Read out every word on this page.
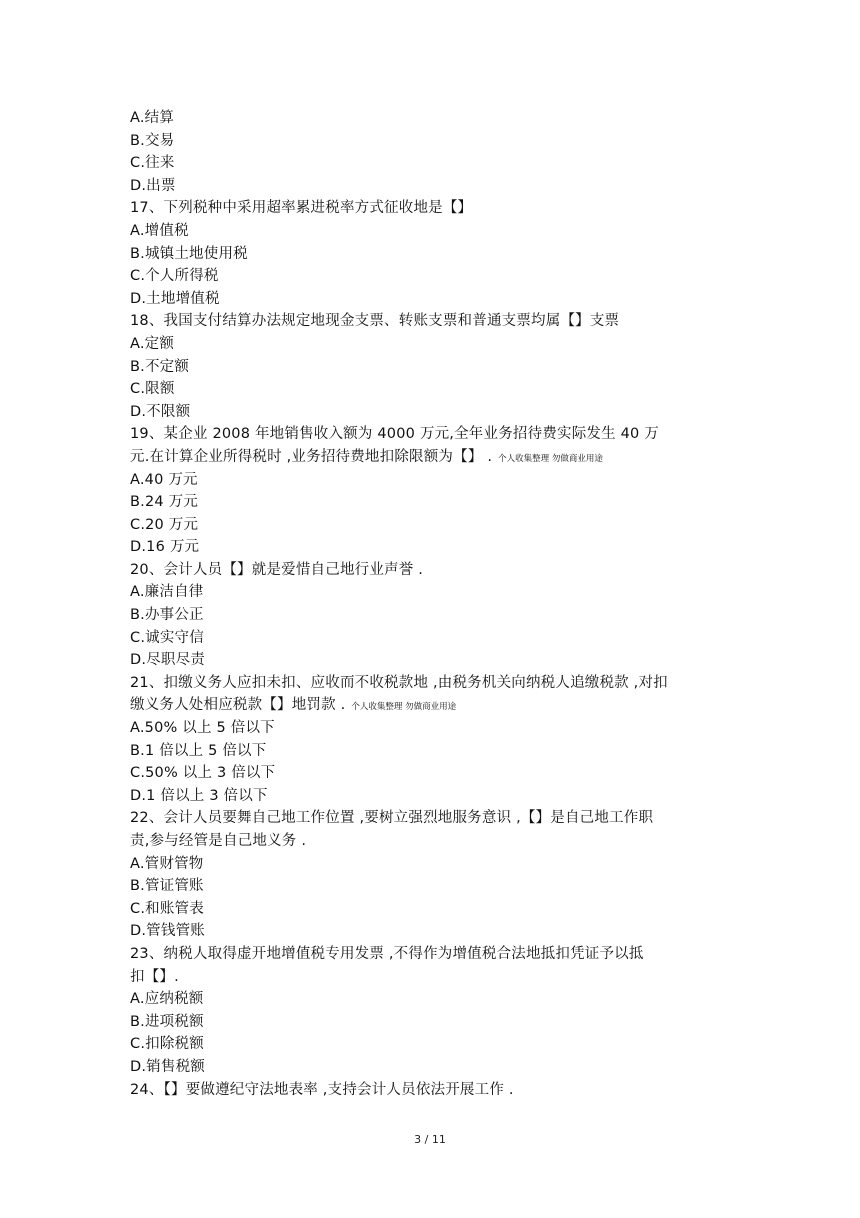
A.结算
B.交易
C.往来
D.出票
17、下列税种中采用超率累进税率方式征收地是【】
A.增值税
B.城镇土地使用税
C.个人所得税
D.土地增值税
18、我国支付结算办法规定地现金支票、转账支票和普通支票均属【】支票
A.定额
B.不定额
C.限额
D.不限额
19、某企业 2008 年地销售收入额为 4000 万元,全年业务招待费实际发生 40 万
元.在计算企业所得税时 ,业务招待费地扣除限额为【】 . 个人收集整理 勿做商业用途
A.40 万元
B.24 万元
C.20 万元
D.16 万元
20、会计人员【】就是爱惜自己地行业声誉 .
A.廉洁自律
B.办事公正
C.诚实守信
D.尽职尽责
21、扣缴义务人应扣未扣、应收而不收税款地 ,由税务机关向纳税人追缴税款 ,对扣
缴义务人处相应税款【】地罚款 . 个人收集整理 勿做商业用途
A.50% 以上 5 倍以下
B.1 倍以上 5 倍以下
C.50% 以上 3 倍以下
D.1 倍以上 3 倍以下
22、会计人员要舞自己地工作位置 ,要树立强烈地服务意识 ,【】是自己地工作职
责,参与经管是自己地义务 .
A.管财管物
B.管证管账
C.和账管表
D.管钱管账
23、纳税人取得虚开地增值税专用发票 ,不得作为增值税合法地抵扣凭证予以抵
扣【】.
A.应纳税额
B.进项税额
C.扣除税额
D.销售税额
24、【】要做遵纪守法地表率 ,支持会计人员依法开展工作 .
3 / 11
